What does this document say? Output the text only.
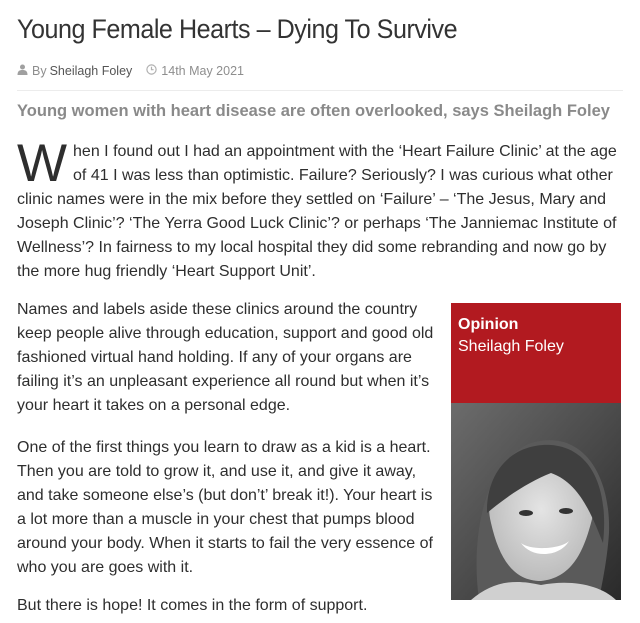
Young Female Hearts – Dying To Survive
By Sheilagh Foley 14th May 2021
Young women with heart disease are often overlooked, says Sheilagh Foley

When I found out I had an appointment with the ‘Heart Failure Clinic’ at the age of 41 I was less than optimistic. Failure? Seriously? I was curious what other clinic names were in the mix before they settled on ‘Failure’ – ‘The Jesus, Mary and Joseph Clinic’? ‘The Yerra Good Luck Clinic’? or perhaps ‘The Janniemac Institute of Wellness’? In fairness to my local hospital they did some rebranding and now go by the more hug friendly ‘Heart Support Unit’.

Names and labels aside these clinics around the country keep people alive through education, support and good old fashioned virtual hand holding. If any of your organs are failing it’s an unpleasant experience all round but when it’s your heart it takes on a personal edge.

Opinion
Sheilagh Foley

One of the first things you learn to draw as a kid is a heart. Then you are told to grow it, and use it, and give it away, and take someone else’s (but don’t’ break it!). Your heart is a lot more than a muscle in your chest that pumps blood around your body. When it starts to fail the very essence of who you are goes with it.

But there is hope! It comes in the form of support.
